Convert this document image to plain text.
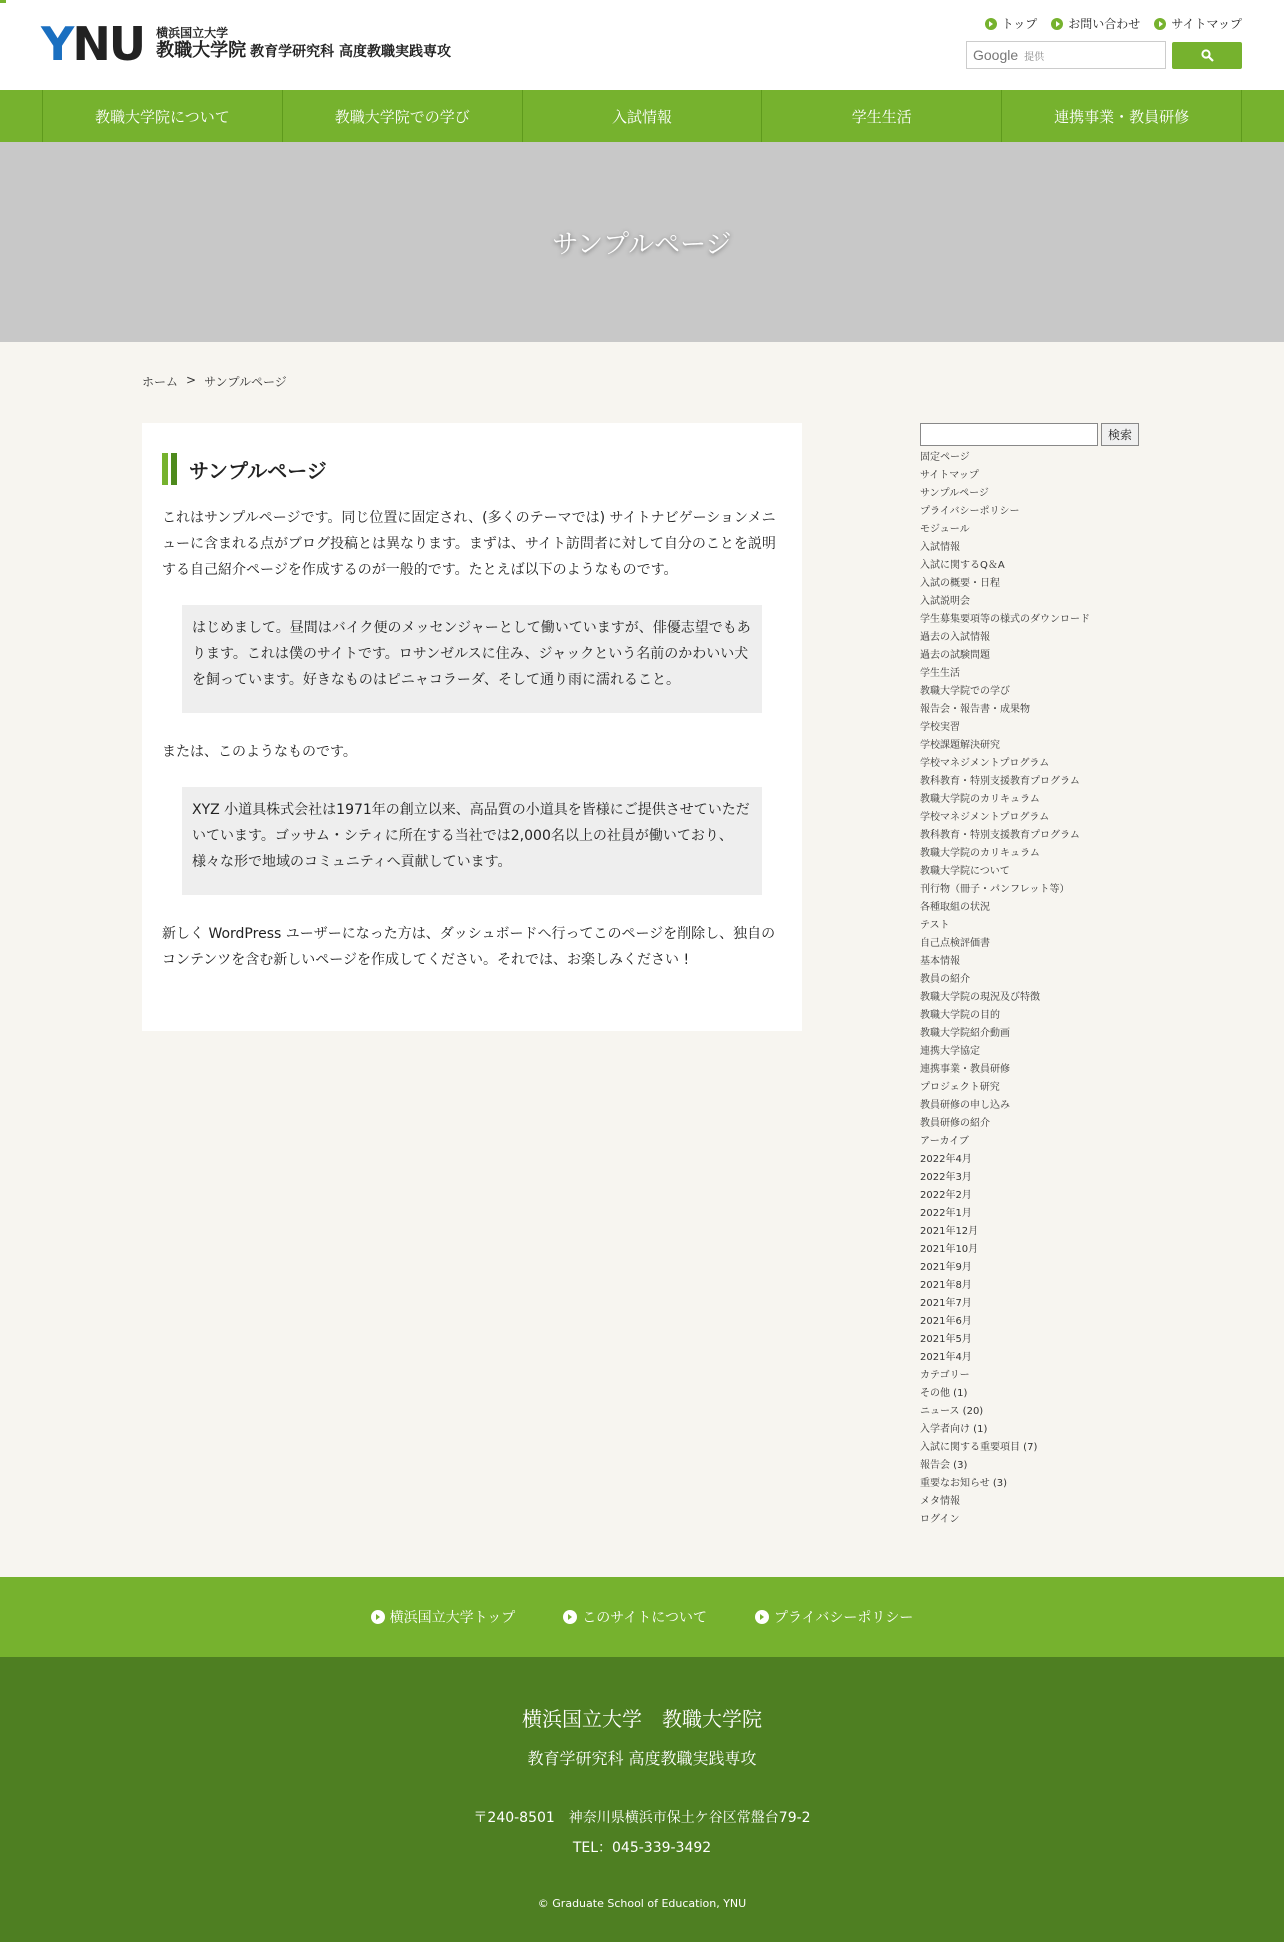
YNU 横浜国立大学
教職大学院 教育学研究科 高度教職実践専攻
トップ	お問い合わせ	サイトマップ
Google 提供
教職大学院について	教職大学院での学び	入試情報	学生生活	連携事業・教員研修
サンプルページ
ホーム > サンプルページ
サンプルページ

これはサンプルページです。同じ位置に固定され、(多くのテーマでは) サイトナビゲーションメニューに含まれる点がブログ投稿とは異なります。まずは、サイト訪問者に対して自分のことを説明する自己紹介ページを作成するのが一般的です。たとえば以下のようなものです。

はじめまして。昼間はバイク便のメッセンジャーとして働いていますが、俳優志望でもあります。これは僕のサイトです。ロサンゼルスに住み、ジャックという名前のかわいい犬を飼っています。好きなものはピニャコラーダ、そして通り雨に濡れること。

または、このようなものです。

XYZ 小道具株式会社は1971年の創立以来、高品質の小道具を皆様にご提供させていただいています。ゴッサム・シティに所在する当社では2,000名以上の社員が働いており、様々な形で地域のコミュニティへ貢献しています。

新しく WordPress ユーザーになった方は、ダッシュボードへ行ってこのページを削除し、独自のコンテンツを含む新しいページを作成してください。それでは、お楽しみください !

検索
固定ページ
サイトマップ
サンプルページ
プライバシーポリシー
モジュール
入試情報
入試に関するQ＆A
入試の概要・日程
入試説明会
学生募集要項等の様式のダウンロード
過去の入試情報
過去の試験問題
学生生活
教職大学院での学び
報告会・報告書・成果物
学校実習
学校課題解決研究
学校マネジメントプログラム
教科教育・特別支援教育プログラム
教職大学院のカリキュラム
学校マネジメントプログラム
教科教育・特別支援教育プログラム
教職大学院のカリキュラム
教職大学院について
刊行物（冊子・パンフレット等）
各種取組の状況
テスト
自己点検評価書
基本情報
教員の紹介
教職大学院の現況及び特徴
教職大学院の目的
教職大学院紹介動画
連携大学協定
連携事業・教員研修
プロジェクト研究
教員研修の申し込み
教員研修の紹介
アーカイブ
2022年4月
2022年3月
2022年2月
2022年1月
2021年12月
2021年10月
2021年9月
2021年8月
2021年7月
2021年6月
2021年5月
2021年4月
カテゴリー
その他 (1)
ニュース (20)
入学者向け (1)
入試に関する重要項目 (7)
報告会 (3)
重要なお知らせ (3)
メタ情報
ログイン
横浜国立大学トップ	このサイトについて	プライバシーポリシー
横浜国立大学　教職大学院
教育学研究科 高度教職実践専攻
〒240-8501　神奈川県横浜市保土ケ谷区常盤台79-2
TEL：045-339-3492
© Graduate School of Education, YNU
